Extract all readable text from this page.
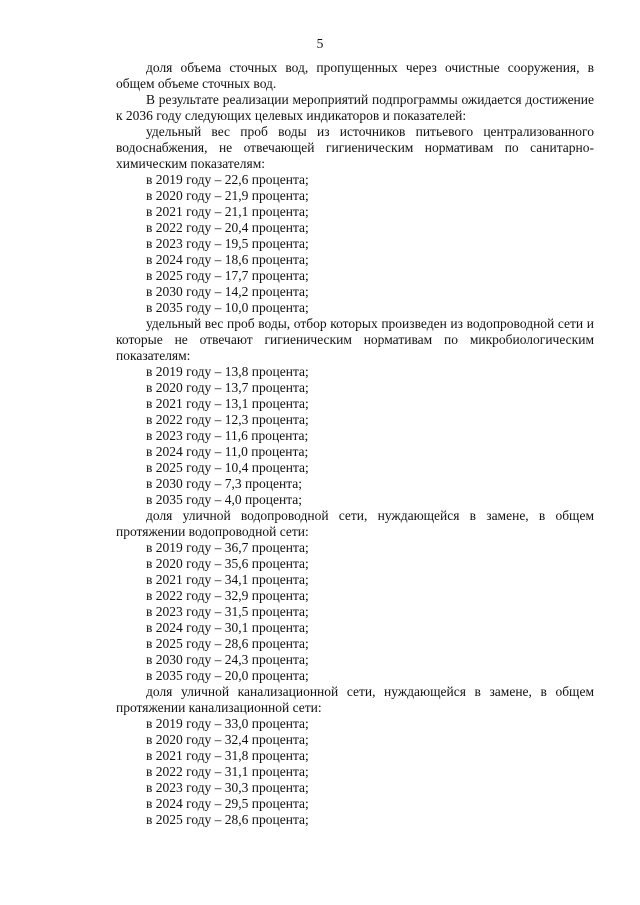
5

доля объема сточных вод, пропущенных через очистные сооружения, в общем объеме сточных вод.

В результате реализации мероприятий подпрограммы ожидается достижение к 2036 году следующих целевых индикаторов и показателей:

удельный вес проб воды из источников питьевого централизованного водоснабжения, не отвечающей гигиеническим нормативам по санитарно-химическим показателям:

в 2019 году – 22,6 процента;

в 2020 году – 21,9 процента;

в 2021 году – 21,1 процента;

в 2022 году – 20,4 процента;

в 2023 году – 19,5 процента;

в 2024 году – 18,6 процента;

в 2025 году – 17,7 процента;

в 2030 году – 14,2 процента;

в 2035 году – 10,0 процента;

удельный вес проб воды, отбор которых произведен из водопроводной сети и которые не отвечают гигиеническим нормативам по микробиологическим показателям:

в 2019 году – 13,8 процента;

в 2020 году – 13,7 процента;

в 2021 году – 13,1 процента;

в 2022 году – 12,3 процента;

в 2023 году – 11,6 процента;

в 2024 году – 11,0 процента;

в 2025 году – 10,4 процента;

в 2030 году – 7,3 процента;

в 2035 году – 4,0 процента;

доля уличной водопроводной сети, нуждающейся в замене, в общем протяжении водопроводной сети:

в 2019 году – 36,7 процента;

в 2020 году – 35,6 процента;

в 2021 году – 34,1 процента;

в 2022 году – 32,9 процента;

в 2023 году – 31,5 процента;

в 2024 году – 30,1 процента;

в 2025 году – 28,6 процента;

в 2030 году – 24,3 процента;

в 2035 году – 20,0 процента;

доля уличной канализационной сети, нуждающейся в замене, в общем протяжении канализационной сети:

в 2019 году – 33,0 процента;

в 2020 году – 32,4 процента;

в 2021 году – 31,8 процента;

в 2022 году – 31,1 процента;

в 2023 году – 30,3 процента;

в 2024 году – 29,5 процента;

в 2025 году – 28,6 процента;
